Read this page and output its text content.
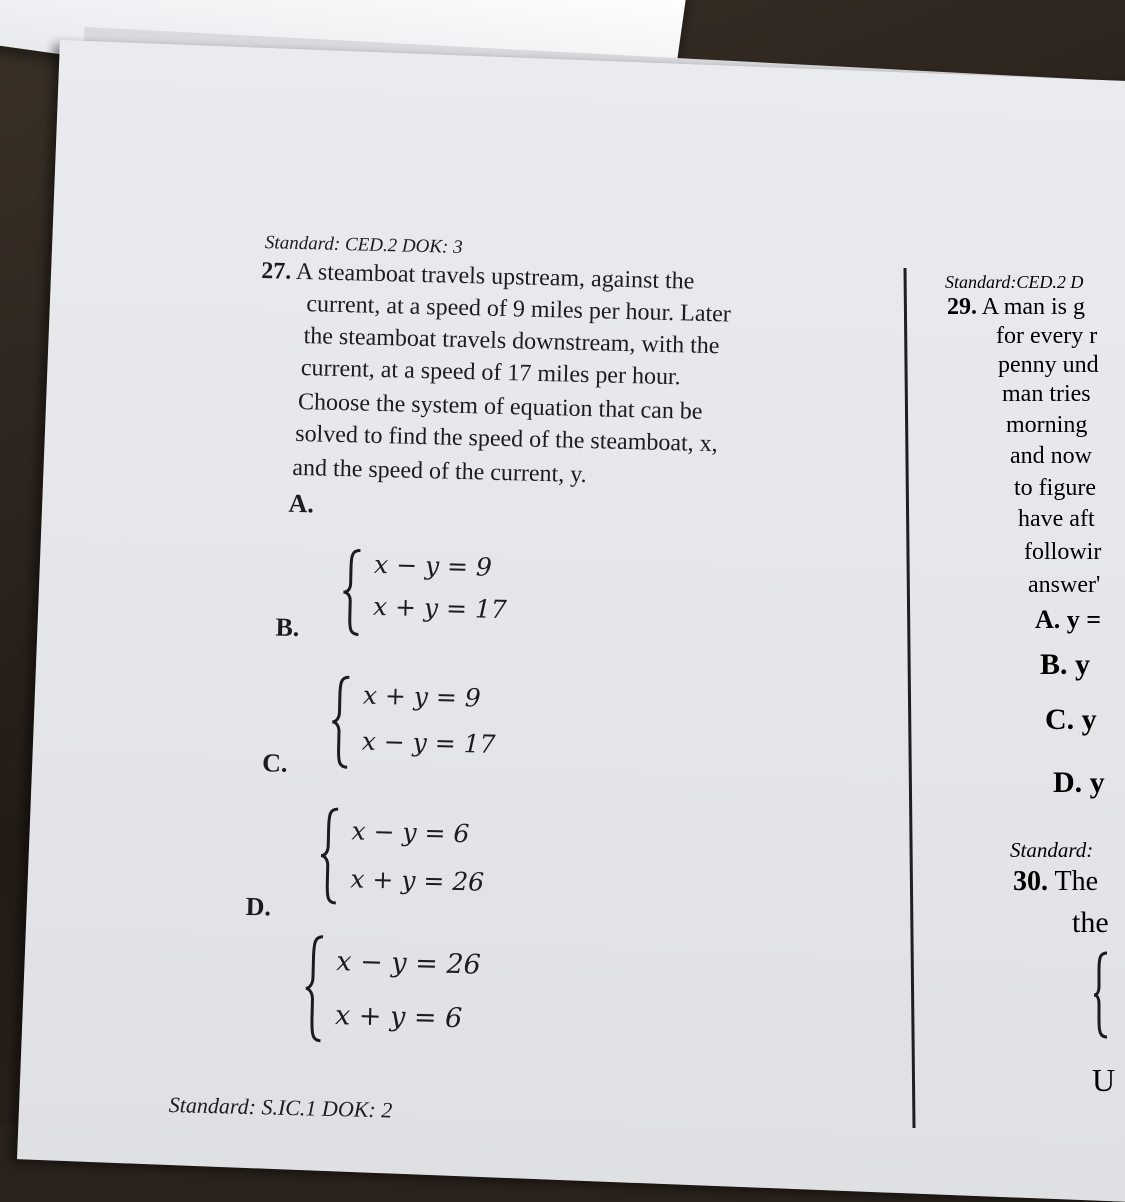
Standard: CED.2 DOK: 3
27. A steamboat travels upstream, against the
current, at a speed of 9 miles per hour. Later
the steamboat travels downstream, with the
current, at a speed of 17 miles per hour.
Choose the system of equation that can be
solved to find the speed of the steamboat, x,
and the speed of the current, y.
A.
x − y = 9
x + y = 17
B.
x + y = 9
x − y = 17
C.
x − y = 6
x + y = 26
D.
x − y = 26
x + y = 6
Standard: S.IC.1 DOK: 2
Standard:CED.2 D
29. A man is g
for every r
penny und
man tries
morning
and now
to figure
have aft
followir
answer'
A. y =
B. y
C. y
D. y
Standard:
30. The
the
U
